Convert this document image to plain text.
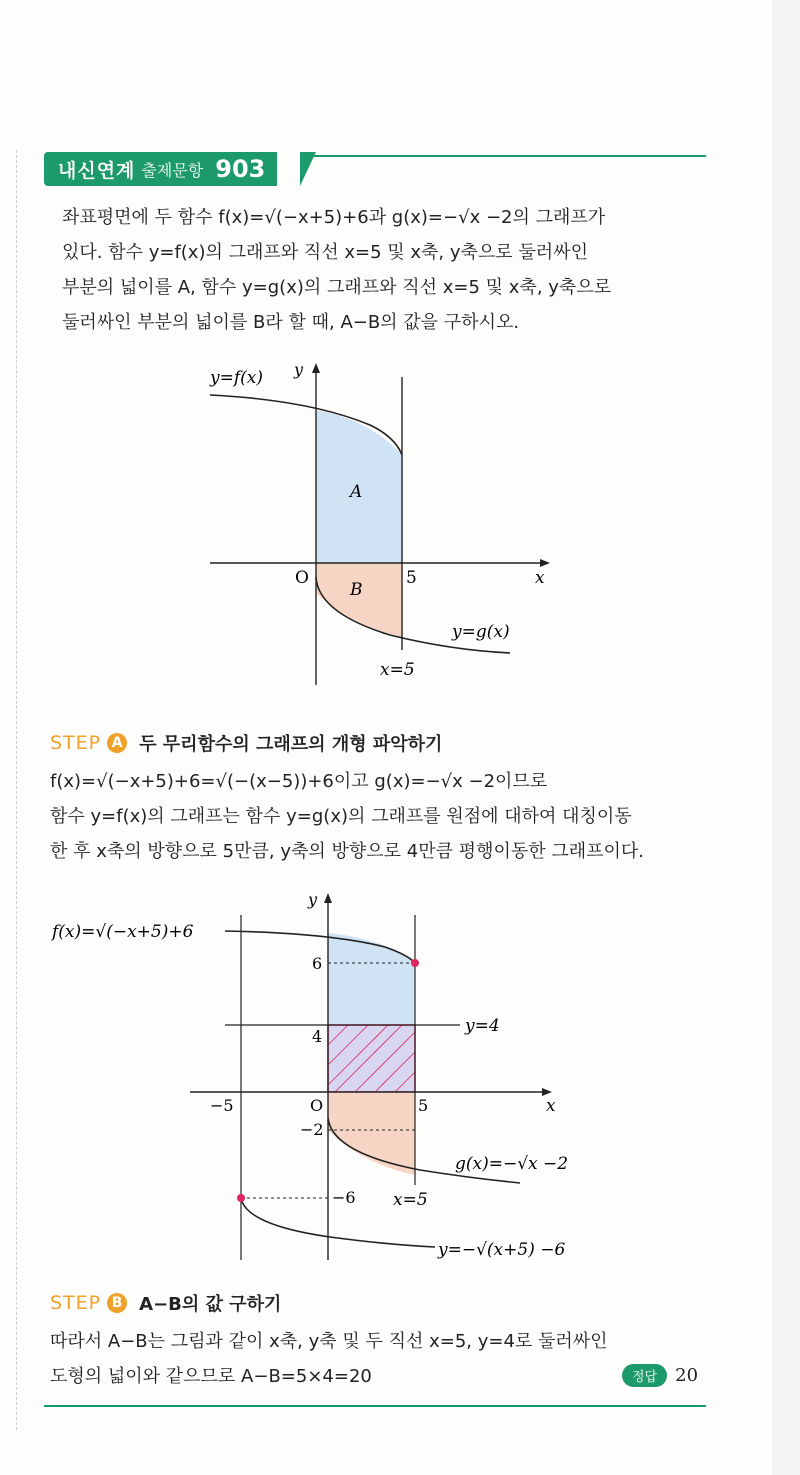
내신연계 출제문항 903
좌표평면에 두 함수 f(x)=√(−x+5)+6과 g(x)=−√x −2의 그래프가
있다. 함수 y=f(x)의 그래프와 직선 x=5 및 x축, y축으로 둘러싸인
부분의 넓이를 A, 함수 y=g(x)의 그래프와 직선 x=5 및 x축, y축으로
둘러싸인 부분의 넓이를 B라 할 때, A−B의 값을 구하시오.
y=f(x) y
A
B
O	5	x
y=g(x)
x=5
STEP A 두 무리함수의 그래프의 개형 파악하기
f(x)=√(−x+5)+6=√(−(x−5))+6이고 g(x)=−√x −2이므로
함수 y=f(x)의 그래프는 함수 y=g(x)의 그래프를 원점에 대하여 대칭이동
한 후 x축의 방향으로 5만큼, y축의 방향으로 4만큼 평행이동한 그래프이다.
f(x)=√(−x+5)+6
y
6
4
y=4
−5	O	5	x
−2
g(x)=−√x −2
−6 x=5
y=−√(x+5) −6
STEP B A−B의 값 구하기
따라서 A−B는 그림과 같이 x축, y축 및 두 직선 x=5, y=4로 둘러싸인
도형의 넓이와 같으므로 A−B=5×4=20	정답	20
